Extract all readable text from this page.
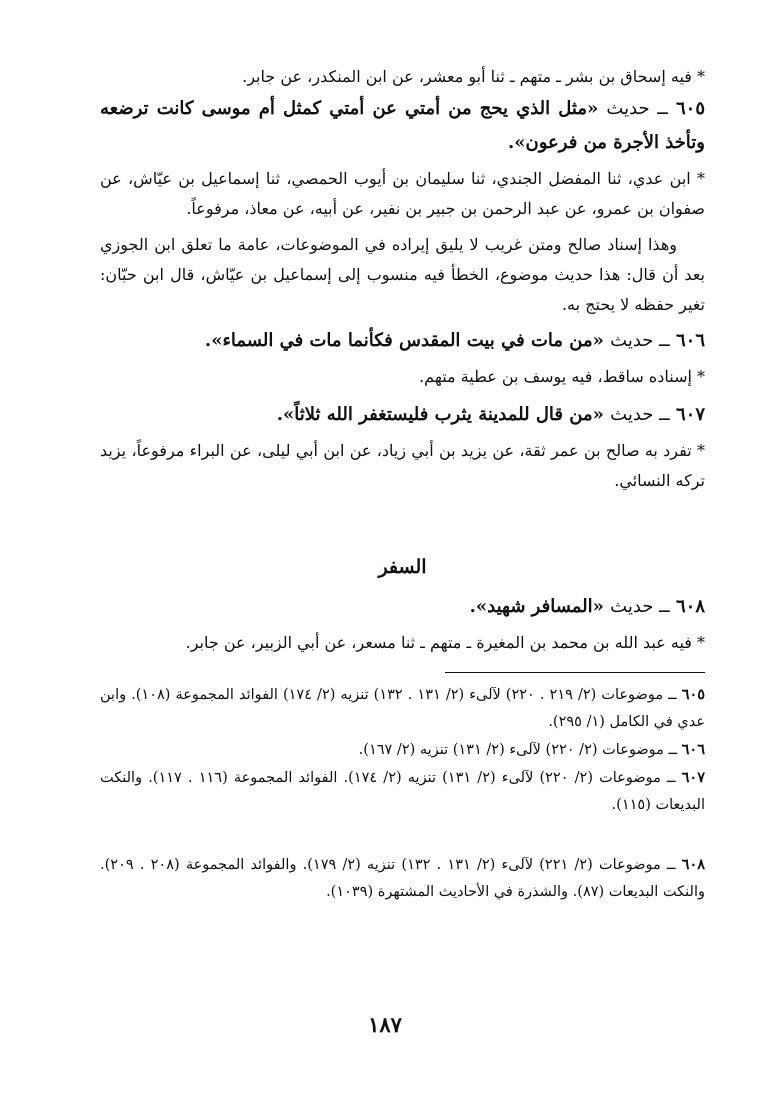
* فيه إسحاق بن بشر ـ متهم ـ ثنا أبو معشر، عن ابن المنكدر، عن جابر.

٦٠٥ ــ حديث «مثل الذي يحج من أمتي عن أمتي كمثل أم موسى كانت ترضعه وتأخذ الأجرة من فرعون».

* ابن عدي، ثنا المفضل الجندي، ثنا سليمان بن أيوب الحمصي، ثنا إسماعيل بن عيّاش، عن صفوان بن عمرو، عن عبد الرحمن بن جبير بن نفير، عن أبيه، عن معاذ، مرفوعاً.

وهذا إسناد صالح ومتن غريب لا يليق إيراده في الموضوعات، عامة ما تعلق ابن الجوزي بعد أن قال: هذا حديث موضوع، الخطأ فيه منسوب إلى إسماعيل بن عيّاش، قال ابن حبّان: تغير حفظه لا يحتج به.

٦٠٦ ــ حديث «من مات في بيت المقدس فكأنما مات في السماء».

* إسناده ساقط، فيه يوسف بن عطية متهم.

٦٠٧ ــ حديث «من قال للمدينة يثرب فليستغفر الله ثلاثاً».

* تفرد به صالح بن عمر ثقة، عن يزيد بن أبي زياد، عن ابن أبي ليلى، عن البراء مرفوعاً، يزيد تركه النسائي.

السفر

٦٠٨ ــ حديث «المسافر شهيد».

* فيه عبد الله بن محمد بن المغيرة ـ متهم ـ ثنا مسعر، عن أبي الزبير، عن جابر.

٦٠٥ ــ موضوعات (٢/ ٢١٩ . ٢٢٠) لآلىء (٢/ ١٣١ . ١٣٢) تنزيه (٢/ ١٧٤) الفوائد المجموعة (١٠٨). وابن عدي في الكامل (١/ ٢٩٥).

٦٠٦ ــ موضوعات (٢/ ٢٢٠) لآلىء (٢/ ١٣١) تنزيه (٢/ ١٦٧).

٦٠٧ ــ موضوعات (٢/ ٢٢٠) لآلىء (٢/ ١٣١) تنزيه (٢/ ١٧٤). الفوائد المجموعة (١١٦ . ١١٧). والنكت البديعات (١١٥).

٦٠٨ ــ موضوعات (٢/ ٢٢١) لآلىء (٢/ ١٣١ . ١٣٢) تنزيه (٢/ ١٧٩). والفوائد المجموعة (٢٠٨ . ٢٠٩). والنكت البديعات (٨٧). والشذرة في الأحاديث المشتهرة (١٠٣٩).

١٨٧
